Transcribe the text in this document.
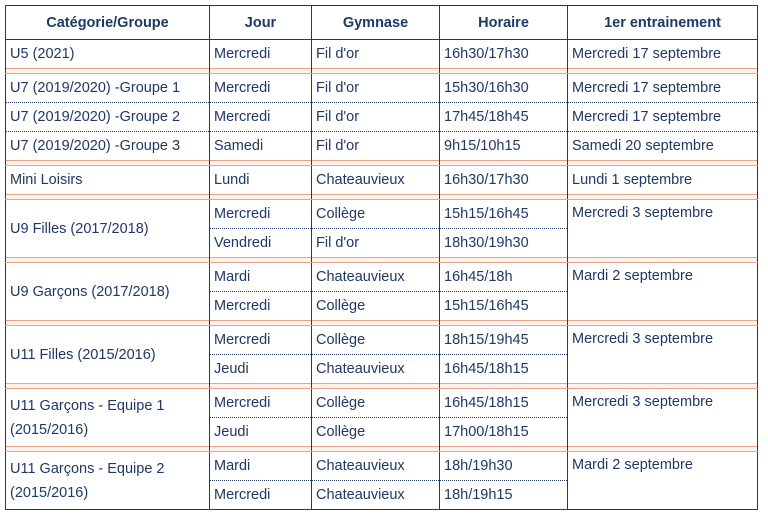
Catégorie/Groupe	Jour	Gymnase	Horaire	1er entrainement
U5 (2021)	Mercredi	Fil d'or	16h30/17h30	Mercredi 17 septembre

U7 (2019/2020) -Groupe 1	Mercredi	Fil d'or	15h30/16h30	Mercredi 17 septembre
U7 (2019/2020) -Groupe 2	Mercredi	Fil d'or	17h45/18h45	Mercredi 17 septembre
U7 (2019/2020) -Groupe 3	Samedi	Fil d'or	9h15/10h15	Samedi 20 septembre

Mini Loisirs	Lundi	Chateauvieux	16h30/17h30	Lundi 1 septembre

U9 Filles (2017/2018)	Mercredi	Collège	15h15/16h45	Mercredi 3 septembre
	Vendredi	Fil d'or	18h30/19h30	

U9 Garçons (2017/2018)	Mardi	Chateauvieux	16h45/18h	Mardi 2 septembre
	Mercredi	Collège	15h15/16h45	

U11 Filles (2015/2016)	Mercredi	Collège	18h15/19h45	Mercredi 3 septembre
	Jeudi	Chateauvieux	16h45/18h15	

U11 Garçons - Equipe 1 (2015/2016)	Mercredi	Collège	16h45/18h15	Mercredi 3 septembre
	Jeudi	Collège	17h00/18h15	

U11 Garçons - Equipe 2 (2015/2016)	Mardi	Chateauvieux	18h/19h30	Mardi 2 septembre
	Mercredi	Chateauvieux	18h/19h15	
